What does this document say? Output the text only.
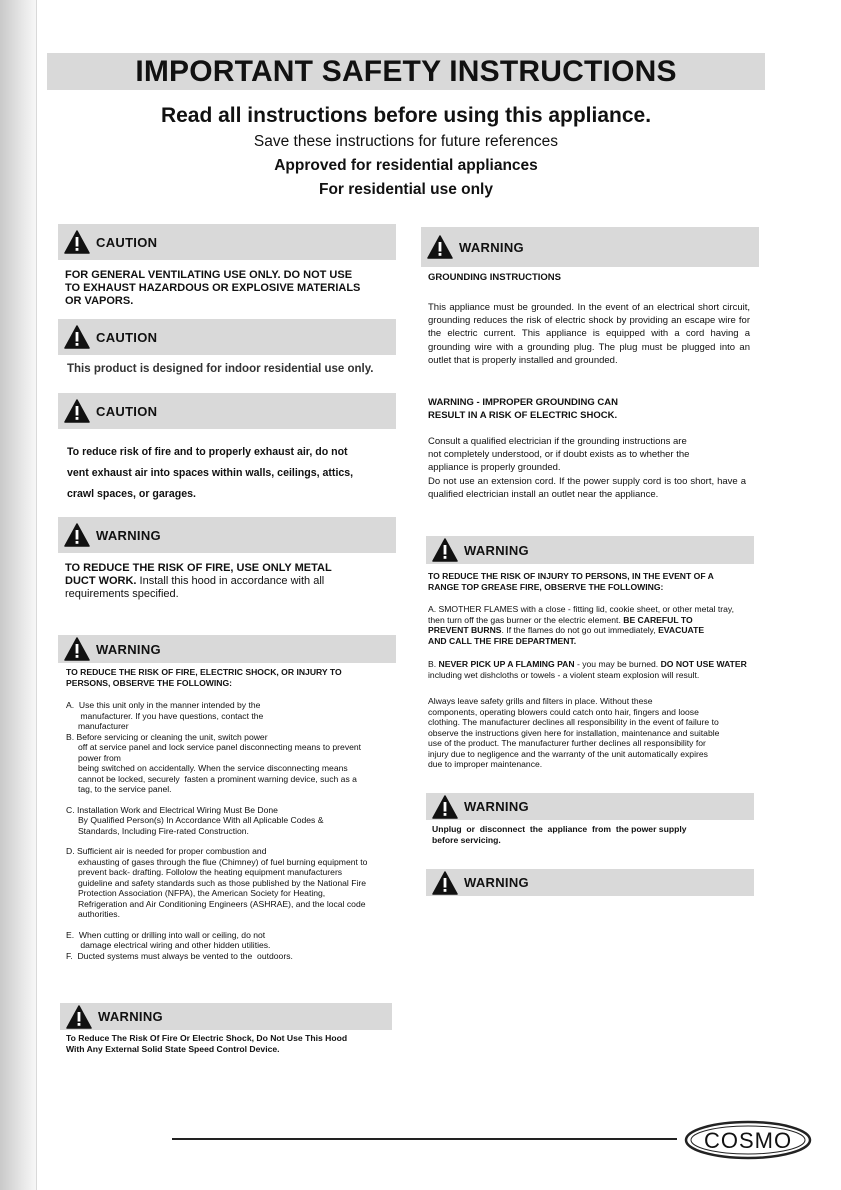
IMPORTANT SAFETY INSTRUCTIONS
Read all instructions before using this appliance.
Save these instructions for future references
Approved for residential appliances
For residential use only
CAUTION
FOR GENERAL VENTILATING USE ONLY. DO NOT USE
TO EXHAUST HAZARDOUS OR EXPLOSIVE MATERIALS
OR VAPORS.
CAUTION
This product is designed for indoor residential use only.
CAUTION
To reduce risk of fire and to properly exhaust air, do not
vent exhaust air into spaces within walls, ceilings, attics,
crawl spaces, or garages.
WARNING
TO REDUCE THE RISK OF FIRE, USE ONLY METAL
DUCT WORK. Install this hood in accordance with all
requirements specified.
WARNING
TO REDUCE THE RISK OF FIRE, ELECTRIC SHOCK, OR INJURY TO
PERSONS, OBSERVE THE FOLLOWING:
A.  Use this unit only in the manner intended by the
manufacturer. If you have questions, contact the
manufacturer
B. Before servicing or cleaning the unit, switch power
off at service panel and lock service panel disconnecting means to prevent
power from
being switched on accidentally. When the service disconnecting means
cannot be locked, securely  fasten a prominent warning device, such as a
tag, to the service panel.
C. Installation Work and Electrical Wiring Must Be Done
By Qualified Person(s) In Accordance With all Aplicable Codes &
Standards, Including Fire-rated Construction.
D. Sufficient air is needed for proper combustion and
exhausting of gases through the flue (Chimney) of fuel burning equipment to
prevent back- drafting. Follolow the heating equipment manufacturers
guideline and safety standards such as those published by the National Fire
Protection Association (NFPA), the American Society for Heating,
Refrigeration and Air Conditioning Engineers (ASHRAE), and the local code
authorities.
E.  When cutting or drilling into wall or ceiling, do not
damage electrical wiring and other hidden utilities.
F.  Ducted systems must always be vented to the  outdoors.
WARNING
To Reduce The Risk Of Fire Or Electric Shock, Do Not Use This Hood
With Any External Solid State Speed Control Device.
WARNING
GROUNDING INSTRUCTIONS
This appliance must be grounded. In the event of an electrical short circuit, grounding reduces the risk of electric shock by providing an escape wire for the electric current. This appliance is equipped with a cord having a grounding wire with a grounding plug. The plug must be plugged into an outlet that is properly installed and grounded.
WARNING - IMPROPER GROUNDING CAN
RESULT IN A RISK OF ELECTRIC SHOCK.
Consult a qualified electrician if the grounding instructions are
not completely understood, or if doubt exists as to whether the
appliance is properly grounded.
Do not use an extension cord. If the power supply cord is too short, have a qualified electrician install an outlet near the appliance.
WARNING
TO REDUCE THE RISK OF INJURY TO PERSONS, IN THE EVENT OF A
RANGE TOP GREASE FIRE, OBSERVE THE FOLLOWING:
A. SMOTHER FLAMES with a close - fitting lid, cookie sheet, or other metal tray,
then turn off the gas burner or the electric element. BE CAREFUL TO
PREVENT BURNS. If the flames do not go out immediately, EVACUATE
AND CALL THE FIRE DEPARTMENT.
B. NEVER PICK UP A FLAMING PAN - you may be burned. DO NOT USE WATER
including wet dishcloths or towels - a violent steam explosion will result.
Always leave safety grills and filters in place. Without these
components, operating blowers could catch onto hair, fingers and loose
clothing. The manufacturer declines all responsibility in the event of failure to
observe the instructions given here for installation, maintenance and suitable
use of the product. The manufacturer further declines all responsibility for
injury due to negligence and the warranty of the unit automatically expires
due to improper maintenance.
WARNING
Unplug  or  disconnect  the  appliance  from  the power supply
before servicing.
WARNING
COSMO
